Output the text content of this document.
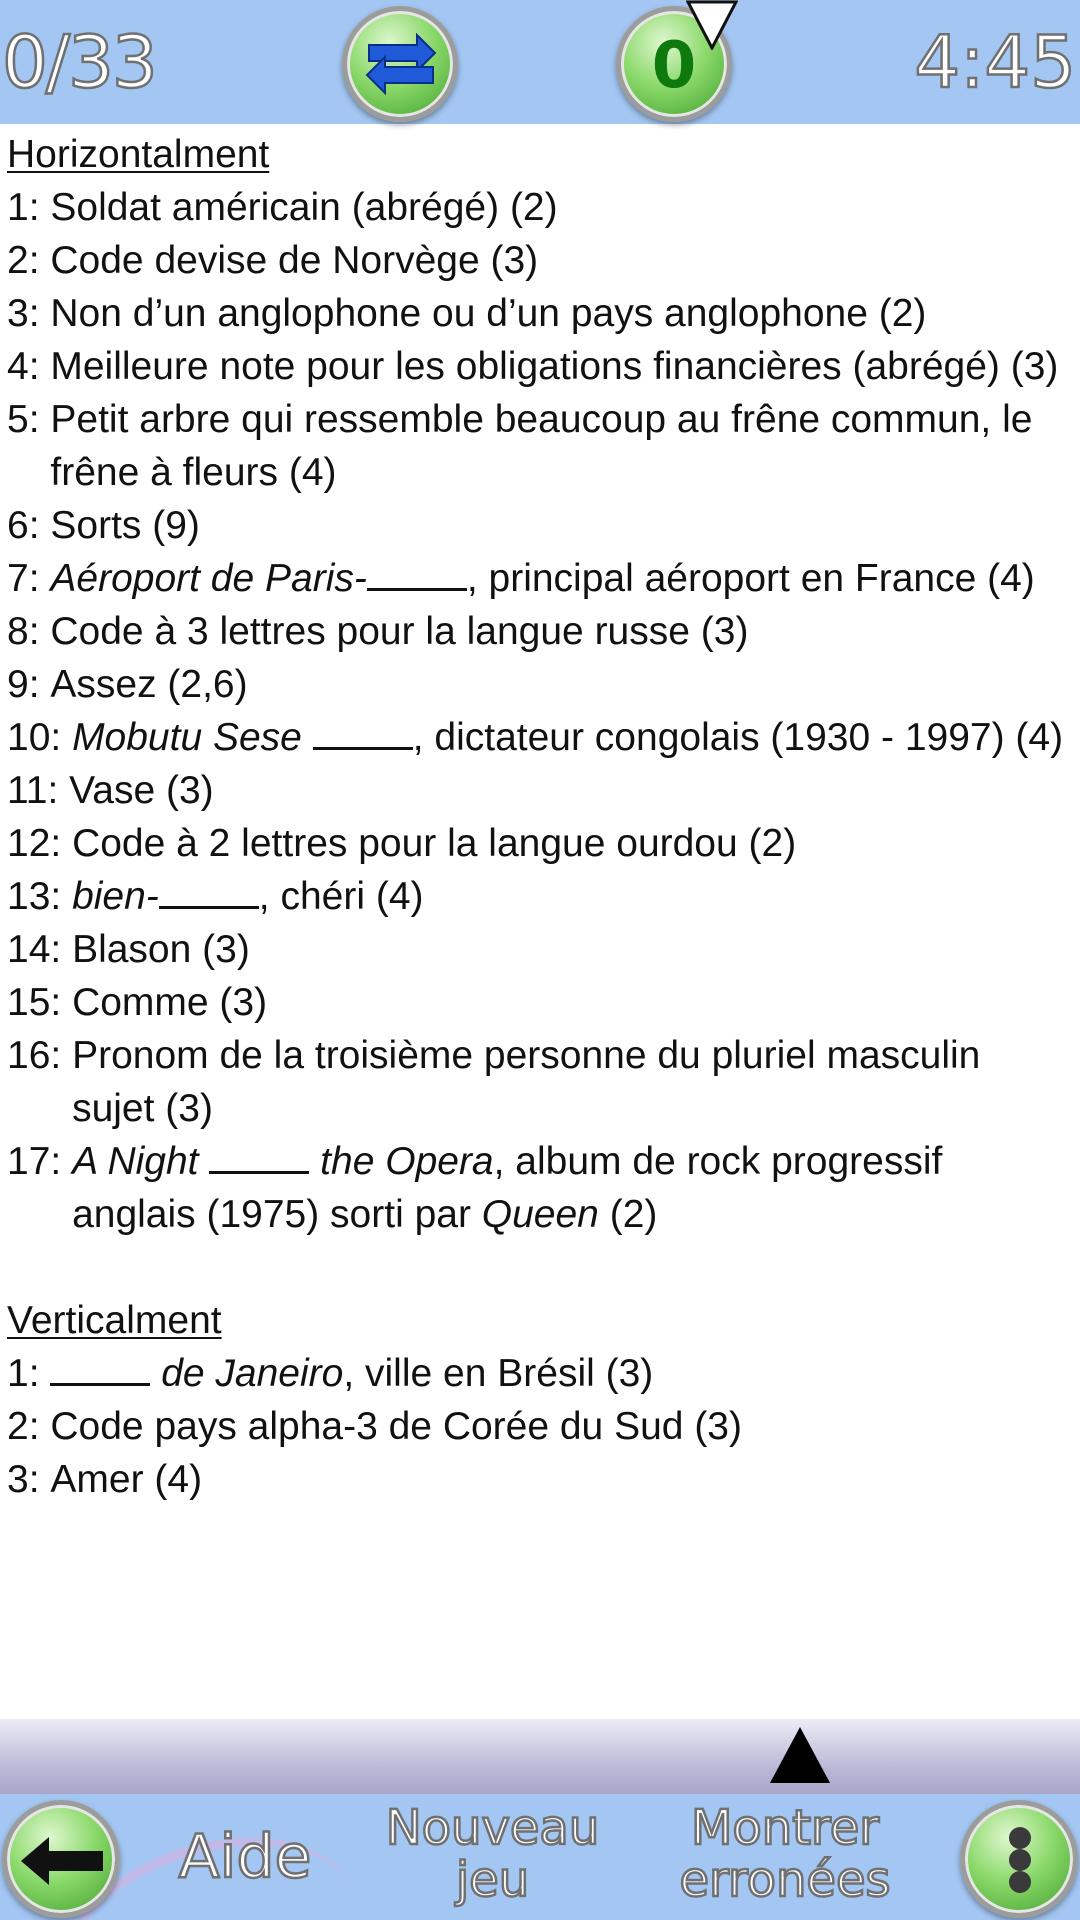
0/33	0	4:45
Horizontalment
1: Soldat américain (abrégé) (2)
2: Code devise de Norvège (3)
3: Non d’un anglophone ou d’un pays anglophone (2)
4: Meilleure note pour les obligations financières (abrégé) (3)
5: Petit arbre qui ressemble beaucoup au frêne commun, le frêne à fleurs (4)
6: Sorts (9)
7: Aéroport de Paris-	, principal aéroport en France (4)
8: Code à 3 lettres pour la langue russe (3)
9: Assez (2,6)
10: Mobutu Sese	, dictateur congolais (1930 - 1997) (4)
11: Vase (3)
12: Code à 2 lettres pour la langue ourdou (2)
13: bien-	, chéri (4)
14: Blason (3)
15: Comme (3)
16: Pronom de la troisième personne du pluriel masculin sujet (3)
17: A Night	the Opera, album de rock progressif anglais (1975) sorti par Queen (2)
Verticalment
1:	de Janeiro, ville en Brésil (3)
2: Code pays alpha-3 de Corée du Sud (3)
3: Amer (4)
Aide	Nouveau
jeu
Montrer
erronées
